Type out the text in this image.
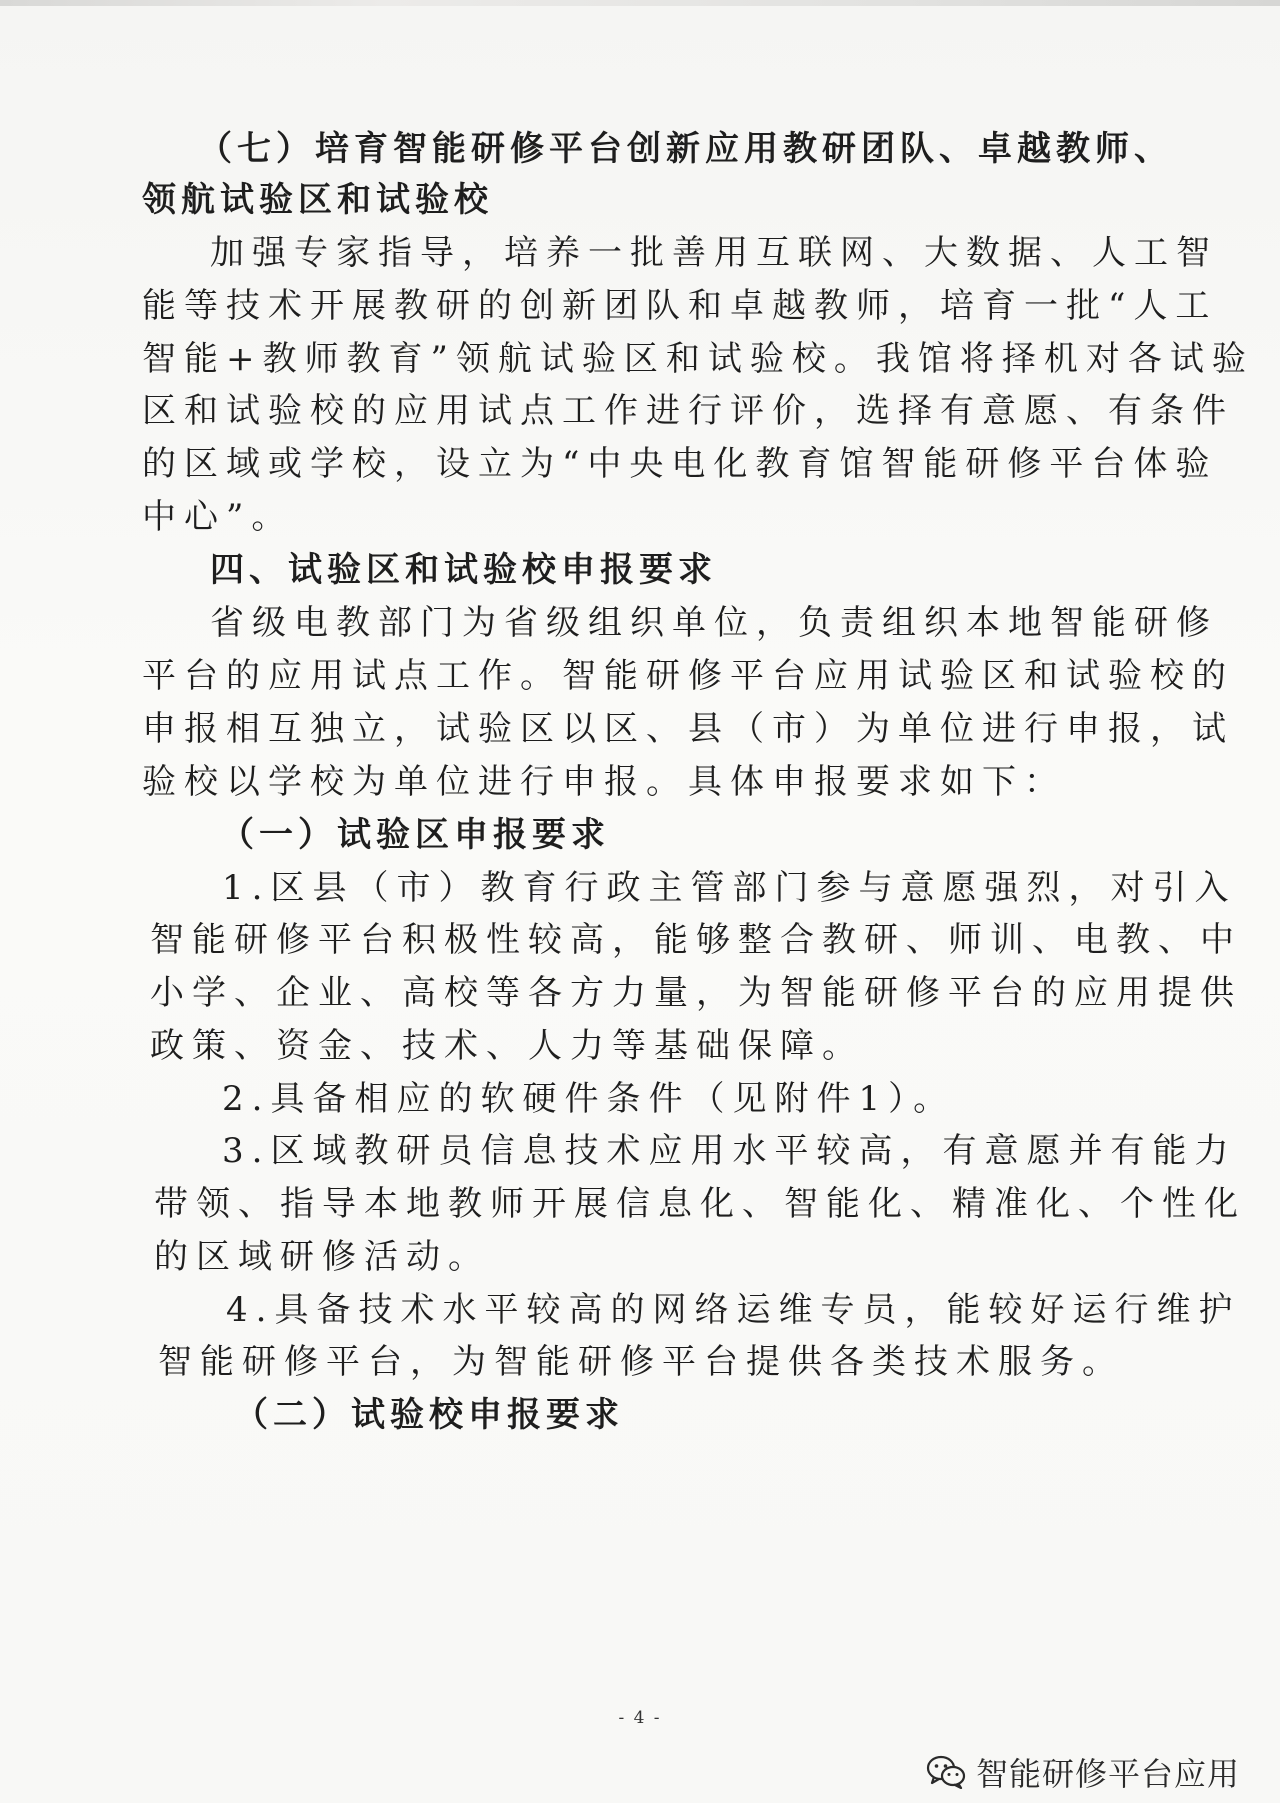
（七）培育智能研修平台创新应用教研团队、卓越教师、
领航试验区和试验校
加强专家指导，培养一批善用互联网、大数据、人工智
能等技术开展教研的创新团队和卓越教师，培育一批“人工
智能+教师教育”领航试验区和试验校。我馆将择机对各试验
区和试验校的应用试点工作进行评价，选择有意愿、有条件
的区域或学校，设立为“中央电化教育馆智能研修平台体验
中心”。
四、试验区和试验校申报要求
省级电教部门为省级组织单位，负责组织本地智能研修
平台的应用试点工作。智能研修平台应用试验区和试验校的
申报相互独立，试验区以区、县（市）为单位进行申报，试
验校以学校为单位进行申报。具体申报要求如下：
（一）试验区申报要求
1.区县（市）教育行政主管部门参与意愿强烈，对引入
智能研修平台积极性较高，能够整合教研、师训、电教、中
小学、企业、高校等各方力量，为智能研修平台的应用提供
政策、资金、技术、人力等基础保障。
2.具备相应的软硬件条件（见附件1）。
3.区域教研员信息技术应用水平较高，有意愿并有能力
带领、指导本地教师开展信息化、智能化、精准化、个性化
的区域研修活动。
4.具备技术水平较高的网络运维专员，能较好运行维护
智能研修平台，为智能研修平台提供各类技术服务。
（二）试验校申报要求
- 4 -
智能研修平台应用
